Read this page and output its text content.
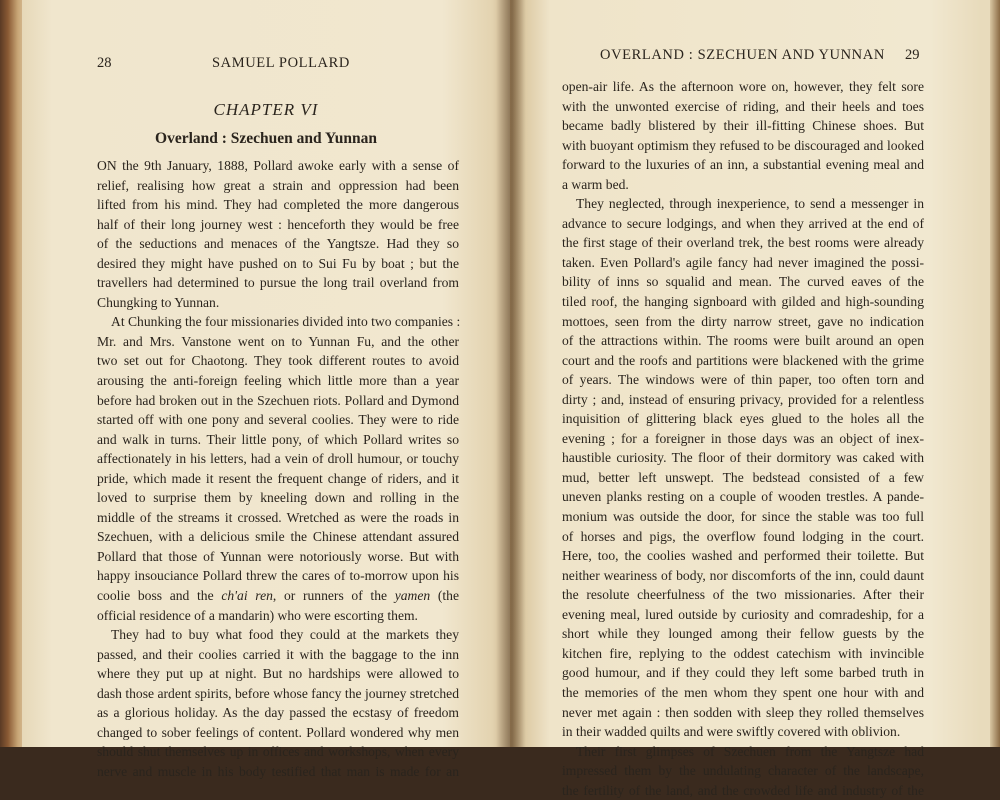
28	SAMUEL POLLARD
CHAPTER VI
Overland : Szechuen and Yunnan
ON the 9th January, 1888, Pollard awoke early with a sense of
relief, realising how great a strain and oppression had been
lifted from his mind. They had completed the more dangerous
half of their long journey west : henceforth they would be free
of the seductions and menaces of the Yangtsze. Had they so
desired they might have pushed on to Sui Fu by boat ; but the
travellers had determined to pursue the long trail overland from
Chungking to Yunnan.
At Chunking the four missionaries divided into two companies :
Mr. and Mrs. Vanstone went on to Yunnan Fu, and the other
two set out for Chaotong. They took different routes to avoid
arousing the anti-foreign feeling which little more than a year
before had broken out in the Szechuen riots. Pollard and Dymond
started off with one pony and several coolies. They were to ride
and walk in turns. Their little pony, of which Pollard writes so
affectionately in his letters, had a vein of droll humour, or touchy
pride, which made it resent the frequent change of riders, and it
loved to surprise them by kneeling down and rolling in the
middle of the streams it crossed. Wretched as were the roads in
Szechuen, with a delicious smile the Chinese attendant assured
Pollard that those of Yunnan were notoriously worse. But with
happy insouciance Pollard threw the cares of to-morrow upon his
coolie boss and the ch'ai ren, or runners of the yamen (the
official residence of a mandarin) who were escorting them.
They had to buy what food they could at the markets they
passed, and their coolies carried it with the baggage to the inn
where they put up at night. But no hardships were allowed to
dash those ardent spirits, before whose fancy the journey stretched
as a glorious holiday. As the day passed the ecstasy of freedom
changed to sober feelings of content. Pollard wondered why men
should shut themselves up in offices and workshops, when every
nerve and muscle in his body testified that man is made for an
OVERLAND : SZECHUEN AND YUNNAN 29
open-air life. As the afternoon wore on, however, they felt sore
with the unwonted exercise of riding, and their heels and toes
became badly blistered by their ill-fitting Chinese shoes. But
with buoyant optimism they refused to be discouraged and looked
forward to the luxuries of an inn, a substantial evening meal and
a warm bed.
They neglected, through inexperience, to send a messenger in
advance to secure lodgings, and when they arrived at the end of
the first stage of their overland trek, the best rooms were already
taken. Even Pollard's agile fancy had never imagined the possi-
bility of inns so squalid and mean. The curved eaves of the
tiled roof, the hanging signboard with gilded and high-sounding
mottoes, seen from the dirty narrow street, gave no indication
of the attractions within. The rooms were built around an open
court and the roofs and partitions were blackened with the grime
of years. The windows were of thin paper, too often torn and
dirty ; and, instead of ensuring privacy, provided for a relentless
inquisition of glittering black eyes glued to the holes all the
evening ; for a foreigner in those days was an object of inex-
haustible curiosity. The floor of their dormitory was caked with
mud, better left unswept. The bedstead consisted of a few
uneven planks resting on a couple of wooden trestles. A pande-
monium was outside the door, for since the stable was too full
of horses and pigs, the overflow found lodging in the court.
Here, too, the coolies washed and performed their toilette. But
neither weariness of body, nor discomforts of the inn, could daunt
the resolute cheerfulness of the two missionaries. After their
evening meal, lured outside by curiosity and comradeship, for a
short while they lounged among their fellow guests by the
kitchen fire, replying to the oddest catechism with invincible
good humour, and if they could they left some barbed truth in
the memories of the men whom they spent one hour with and
never met again : then sodden with sleep they rolled themselves
in their wadded quilts and were swiftly covered with oblivion.
Their first glimpses of Szechuen from the Yangtsze had
impressed them by the undulating character of the landscape,
the fertility of the land, and the crowded life and industry of the
